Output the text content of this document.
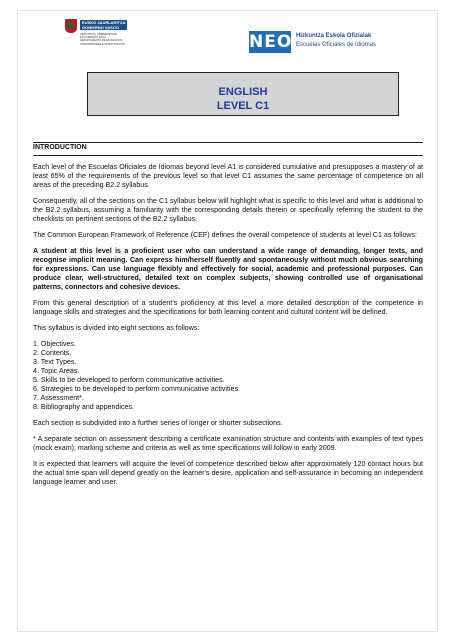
EUSKO JAURLARITZA
GOBIERNO VASCO
HEZKUNTZA, UNIBERTSITATE
ETA IKERKETA SAILA
DEPARTAMENTO DE EDUCACIÓN,
UNIVERSIDADES E INVESTIGACIÓN	NEOL
Hizkuntza Eskola Ofizialak
Escuelas Oficiales de Idiomas
ENGLISH
LEVEL C1
INTRODUCTION

Each level of the Escuelas Oficiales de Idiomas beyond level A1 is considered cumulative and presupposes a mastery of at least 65% of the requirements of the previous level so that level C1 assumes the same percentage of competence on all areas of the preceding B2.2 syllabus.

Consequently, all of the sections on the C1 syllabus below will highlight what is specific to this level and what is additional to the B2.2 syllabus, assuming a familiarity with the corresponding details therein or specifically referring the student to the checklists on pertinent sections of the B2.2 syllabus.

The Common European Framework of Reference (CEF) defines the overall competence of students at level C1 as follows:

A student at this level is a proficient user who can understand a wide range of demanding, longer texts, and recognise implicit meaning. Can express him/herself fluently and spontaneously without much obvious searching for expressions. Can use language flexibly and effectively for social, academic and professional purposes. Can produce clear, well-structured, detailed text on complex subjects, showing controlled use of organisational patterns, connectors and cohesive devices.

From this general description of a student’s proficiency at this level a more detailed description of the competence in language skills and strategies and the specifications for both learning content and cultural content will be defined.

This syllabus is divided into eight sections as follows:

1. Objectives.
2. Contents.
3. Text Types.
4. Topic Areas.
5. Skills to be developed to perform communicative activities.
6. Strategies to be developed to perform communicative activities.
7. Assessment*.
8. Bibliography and appendices.

Each section is subdivided into a further series of longer or shorter subsections.

* A separate section on assessment describing a certificate examination structure and contents with examples of text types (mock exam), marking scheme and criteria as well as time specifications will follow in early 2009.

It is expected that learners will acquire the level of competence described below after approximately 120 contact hours but the actual time span will depend greatly on the learner's desire, application and self-assurance in becoming an independent language learner and user.
